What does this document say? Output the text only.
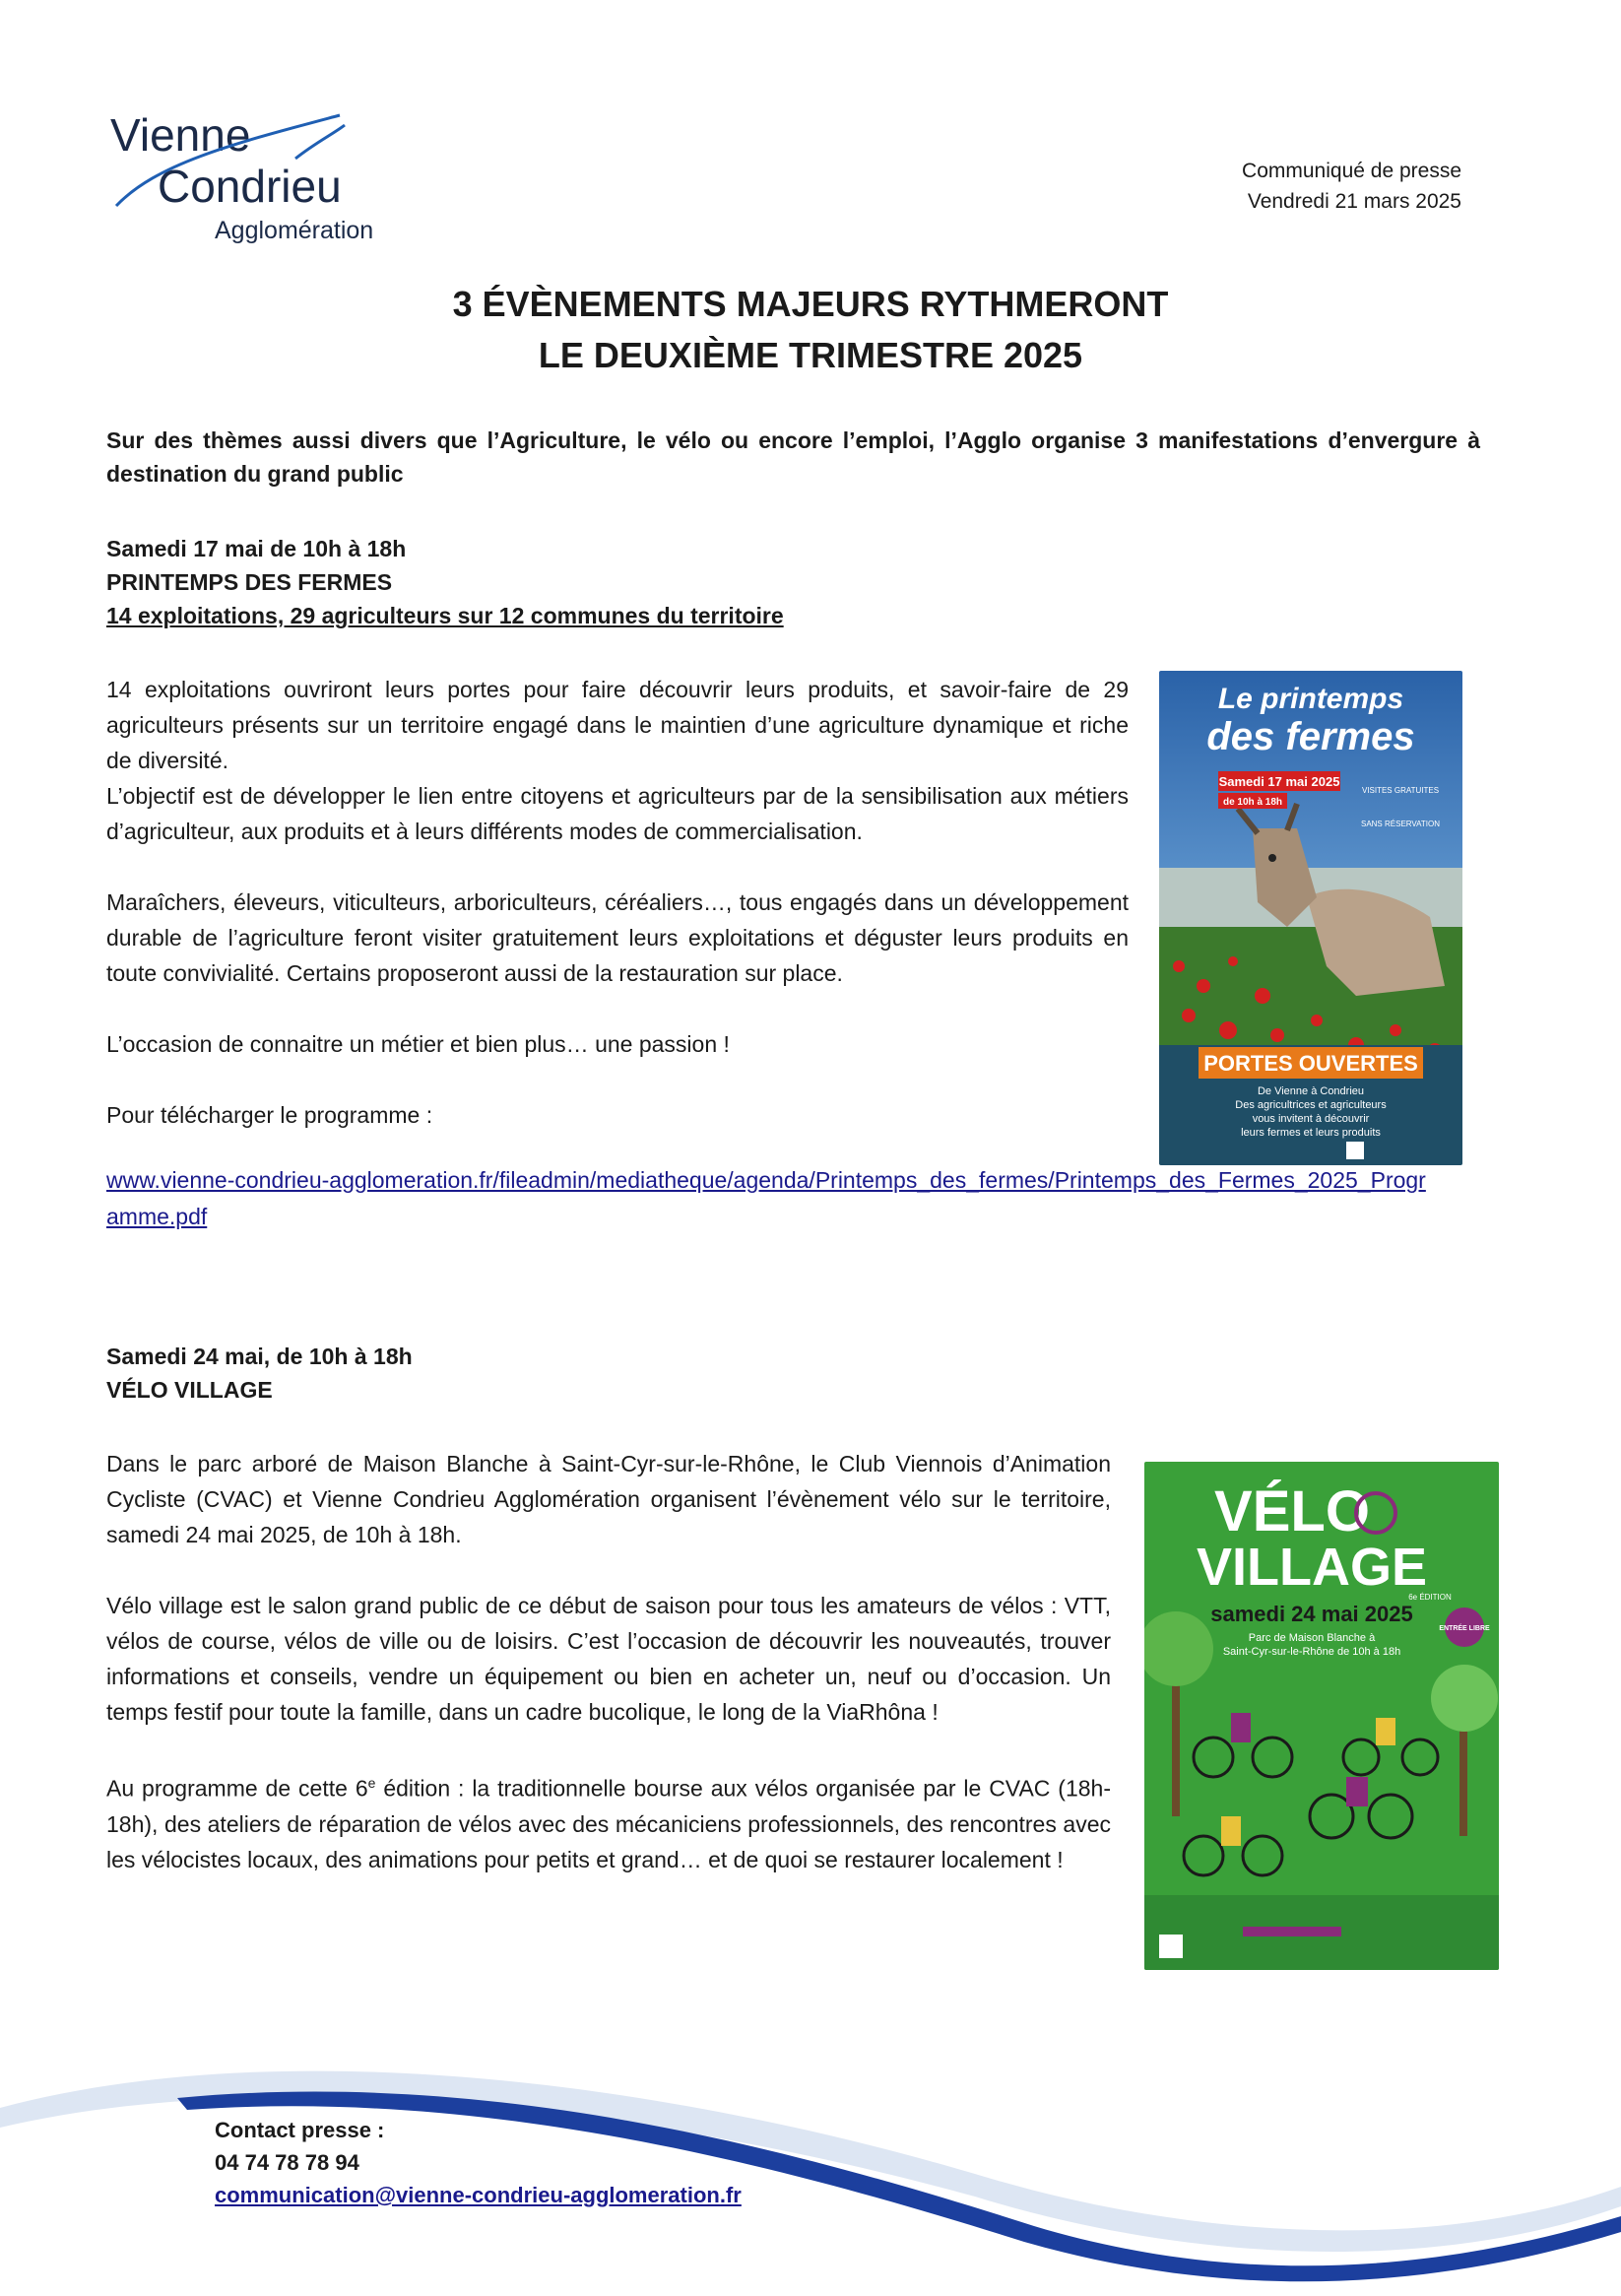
Vienne
Condrieu
Agglomération
Communiqué de presse
Vendredi 21 mars 2025
3 ÉVÈNEMENTS MAJEURS RYTHMERONT
LE DEUXIÈME TRIMESTRE 2025
Sur des thèmes aussi divers que l’Agriculture, le vélo ou encore l’emploi, l’Agglo organise 3 manifestations d’envergure à destination du grand public
Samedi 17 mai de 10h à 18h
PRINTEMPS DES FERMES
14 exploitations, 29 agriculteurs sur 12 communes du territoire
14 exploitations ouvriront leurs portes pour faire découvrir leurs produits, et savoir-faire de 29 agriculteurs présents sur un territoire engagé dans le maintien d’une agriculture dynamique et riche de diversité.
L’objectif est de développer le lien entre citoyens et agriculteurs par de la sensibilisation aux métiers d’agriculteur, aux produits et à leurs différents modes de commercialisation.
Maraîchers, éleveurs, viticulteurs, arboriculteurs, céréaliers…, tous engagés dans un développement durable de l’agriculture feront visiter gratuitement leurs exploitations et déguster leurs produits en toute convivialité. Certains proposeront aussi de la restauration sur place.
L’occasion de connaitre un métier et bien plus… une passion !
Pour télécharger le programme :
www.vienne-condrieu-agglomeration.fr/fileadmin/mediatheque/agenda/Printemps_des_fermes/Printemps_des_Fermes_2025_Programme.pdf
Le printemps
des fermes
Samedi 17 mai 2025
de 10h à 18h
VISITES GRATUITES
SANS RÉSERVATION
PORTES OUVERTES
De Vienne à Condrieu
Des agricultrices et agriculteurs
vous invitent à découvrir
leurs fermes et leurs produits
Samedi 24 mai, de 10h à 18h
VÉLO VILLAGE
Dans le parc arboré de Maison Blanche à Saint-Cyr-sur-le-Rhône, le Club Viennois d’Animation Cycliste (CVAC) et Vienne Condrieu Agglomération organisent l’évènement vélo sur le territoire, samedi 24 mai 2025, de 10h à 18h.
Vélo village est le salon grand public de ce début de saison pour tous les amateurs de vélos : VTT, vélos de course, vélos de ville ou de loisirs. C’est l’occasion de découvrir les nouveautés, trouver informations et conseils, vendre un équipement ou bien en acheter un, neuf ou d’occasion. Un temps festif pour toute la famille, dans un cadre bucolique, le long de la ViaRhôna !
Au programme de cette 6e édition : la traditionnelle bourse aux vélos organisée par le CVAC (18h-18h), des ateliers de réparation de vélos avec des mécaniciens professionnels, des rencontres avec les vélocistes locaux, des animations pour petits et grand… et de quoi se restaurer localement !
VÉLO
VILLAGE
6e ÉDITION
samedi 24 mai 2025
Parc de Maison Blanche à
Saint-Cyr-sur-le-Rhône de 10h à 18h
ENTRÉE LIBRE
Contact presse :
04 74 78 78 94
communication@vienne-condrieu-agglomeration.fr
